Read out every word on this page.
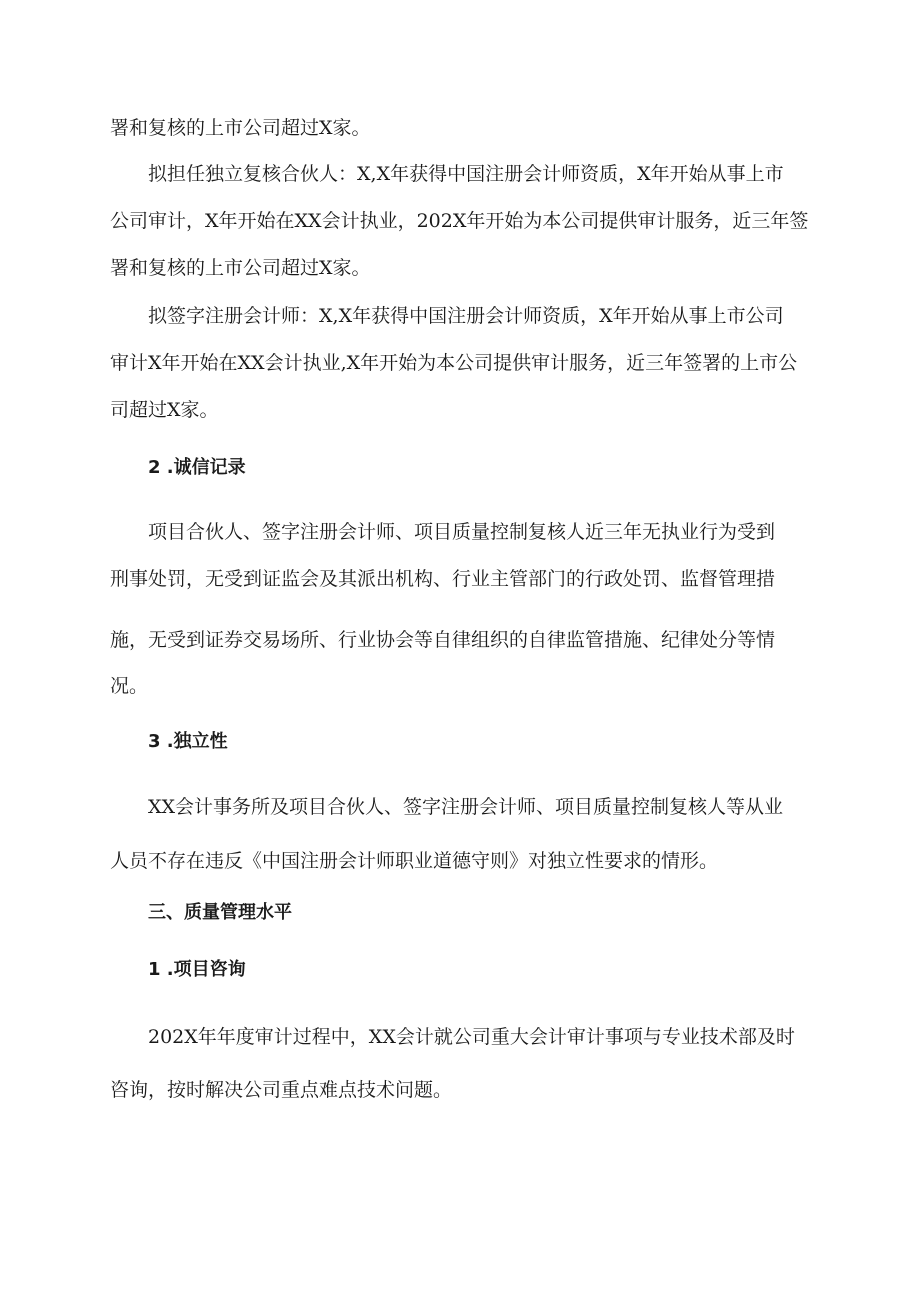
署和复核的上市公司超过X家。
拟担任独立复核合伙人：X,X年获得中国注册会计师资质，X年开始从事上市
公司审计，X年开始在XX会计执业，202X年开始为本公司提供审计服务，近三年签
署和复核的上市公司超过X家。
拟签字注册会计师：X,X年获得中国注册会计师资质，X年开始从事上市公司
审计X年开始在XX会计执业,X年开始为本公司提供审计服务，近三年签署的上市公
司超过X家。
2 .诚信记录
项目合伙人、签字注册会计师、项目质量控制复核人近三年无执业行为受到
刑事处罚，无受到证监会及其派出机构、行业主管部门的行政处罚、监督管理措
施，无受到证券交易场所、行业协会等自律组织的自律监管措施、纪律处分等情
况。
3 .独立性
XX会计事务所及项目合伙人、签字注册会计师、项目质量控制复核人等从业
人员不存在违反《中国注册会计师职业道德守则》对独立性要求的情形。
三、质量管理水平
1 .项目咨询
202X年年度审计过程中，XX会计就公司重大会计审计事项与专业技术部及时
咨询，按时解决公司重点难点技术问题。
